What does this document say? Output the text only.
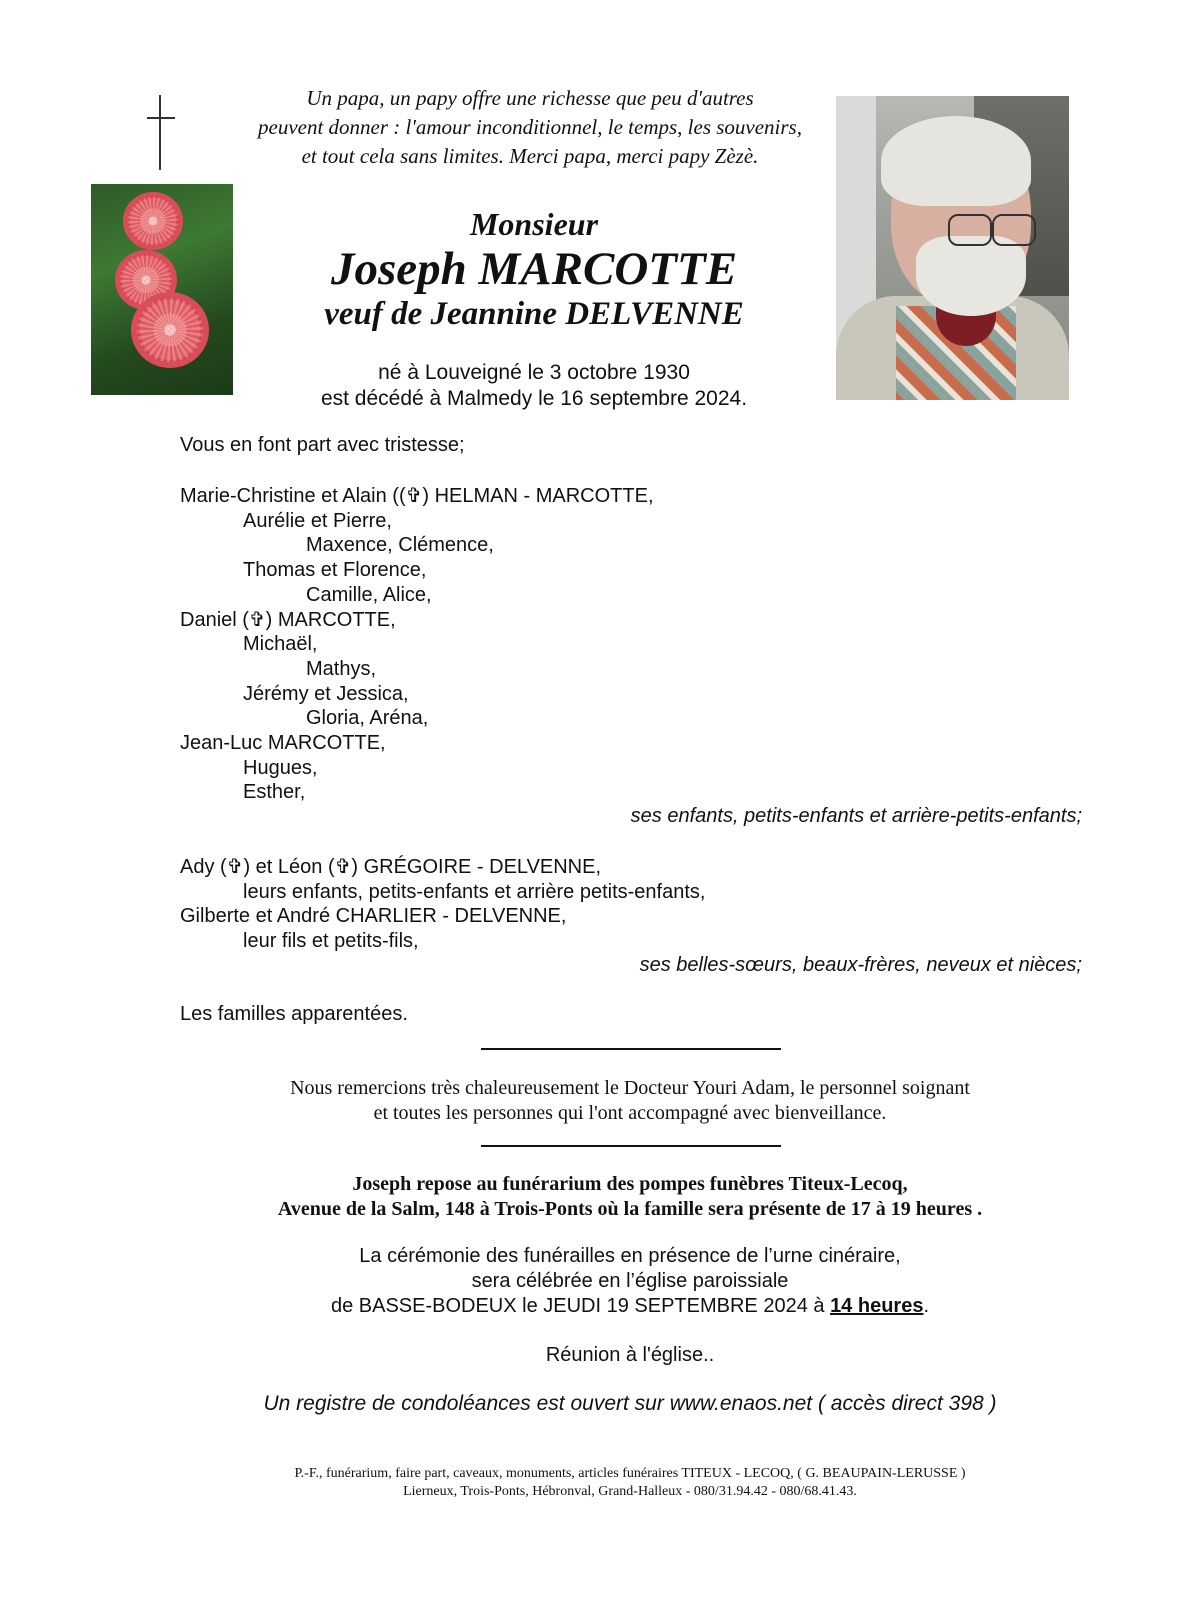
Un papa, un papy offre une richesse que peu d'autres
peuvent donner : l'amour inconditionnel, le temps, les souvenirs,
et tout cela sans limites. Merci papa, merci papy Zèzè.
Monsieur
Joseph MARCOTTE
veuf de Jeannine DELVENNE
né à Louveigné le 3 octobre 1930
est décédé à Malmedy le 16 septembre 2024.
Vous en font part avec tristesse;
Marie-Christine et Alain ((✞) HELMAN - MARCOTTE,
Aurélie et Pierre,
Maxence, Clémence,
Thomas et Florence,
Camille, Alice,
Daniel (✞) MARCOTTE,
Michaël,
Mathys,
Jérémy et Jessica,
Gloria, Aréna,
Jean-Luc MARCOTTE,
Hugues,
Esther,
ses enfants, petits-enfants et arrière-petits-enfants;
Ady (✞) et Léon (✞) GRÉGOIRE - DELVENNE,
leurs enfants, petits-enfants et arrière petits-enfants,
Gilberte et André CHARLIER - DELVENNE,
leur fils et petits-fils,
ses belles-sœurs, beaux-frères, neveux et nièces;
Les familles apparentées.
Nous remercions très chaleureusement le Docteur Youri Adam, le personnel soignant
et toutes les personnes qui l'ont accompagné avec bienveillance.
Joseph repose au funérarium des pompes funèbres Titeux-Lecoq,
Avenue de la Salm, 148 à Trois-Ponts où la famille sera présente de 17 à 19 heures .
La cérémonie des funérailles en présence de l’urne cinéraire,
sera célébrée en l’église paroissiale
de BASSE-BODEUX le JEUDI 19 SEPTEMBRE 2024 à 14 heures.
Réunion à l'église..
Un registre de condoléances est ouvert sur www.enaos.net ( accès direct 398 )
P.-F., funérarium, faire part, caveaux, monuments, articles funéraires TITEUX - LECOQ, ( G. BEAUPAIN-LERUSSE )
Lierneux, Trois-Ponts, Hébronval, Grand-Halleux - 080/31.94.42 - 080/68.41.43.
